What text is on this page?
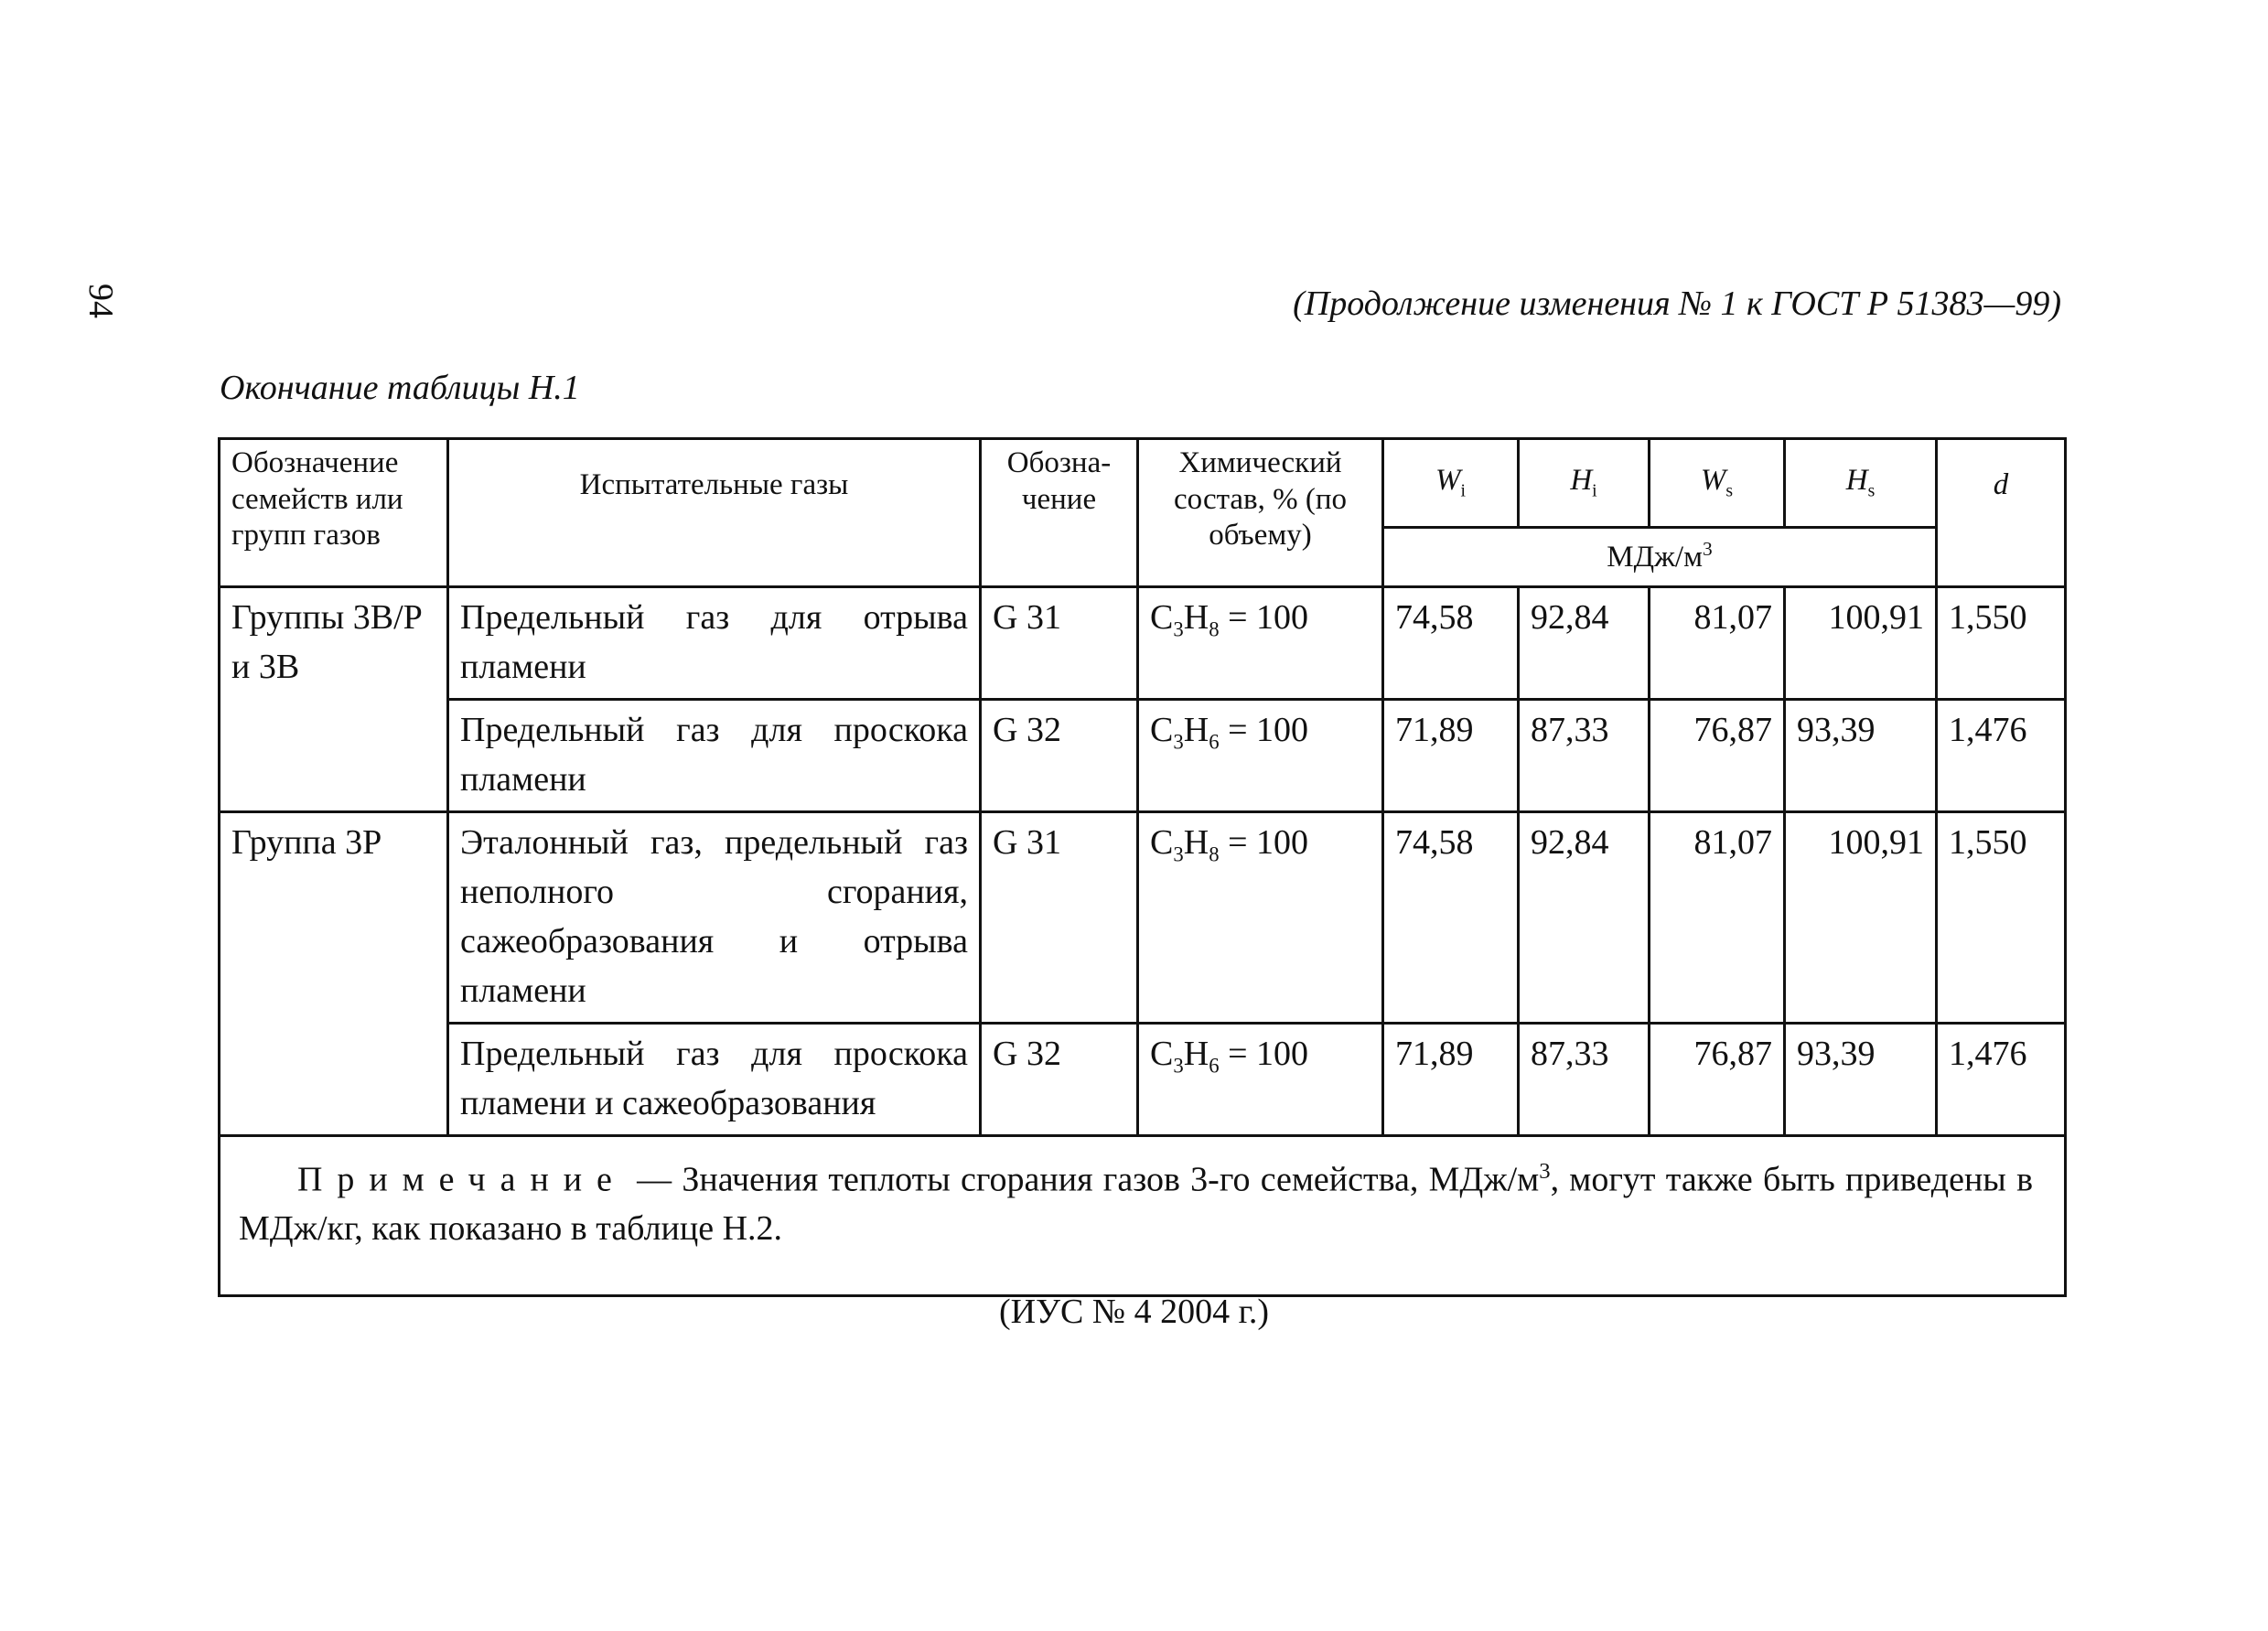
94	(Продолжение изменения № 1 к ГОСТ Р 51383—99)
Окончание таблицы Н.1
Обозначение семейств или групп газов	Испытательные газы	Обозна-чение	Химический состав, % (по объему)	$W_i$	$H_i$	$W_s$	$H_s$	d
				МДж/$м^3$
Группы 3B/P и 3B	Предельный газ для отрыва пламени	G 31	$C_3H_8 = 100$	74,58	92,84	81,07	100,91	1,550
	Предельный газ для проскока пламени	G 32	$C_3H_6 = 100$	71,89	87,33	76,87	93,39	1,476
Группа 3Р	Эталонный газ, предельный газ неполного сгорания, сажеобразования и отрыва пламени	G 31	$C_3H_8 = 100$	74,58	92,84	81,07	100,91	1,550
	Предельный газ для проскока пламени и сажеобразования	G 32	$C_3H_6 = 100$	71,89	87,33	76,87	93,39	1,476
Примечание — Значения теплоты сгорания газов 3-го семейства, МДж/$м^3$, могут также быть приведены в МДж/кг, как показано в таблице Н.2.								
(ИУС № 4 2004 г.)
